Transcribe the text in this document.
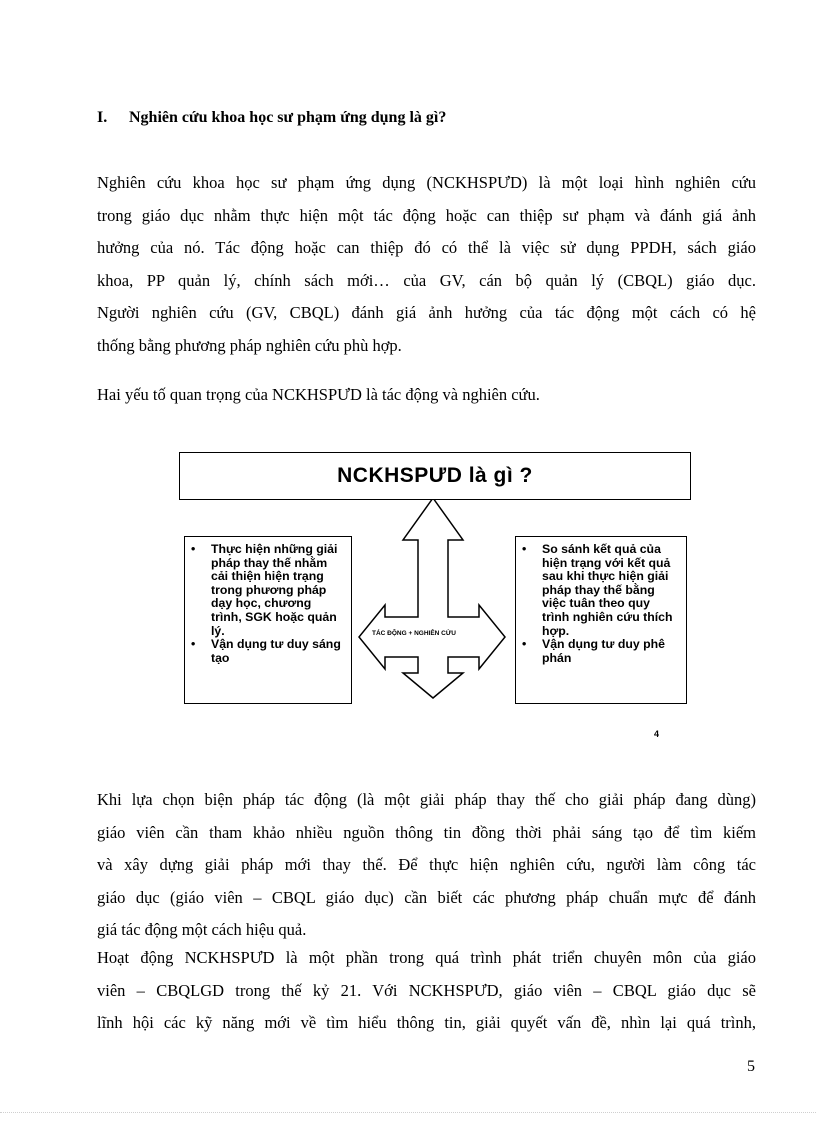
I. Nghiên cứu khoa học sư phạm ứng dụng là gì?

Nghiên cứu khoa học sư phạm ứng dụng (NCKHSPƯD) là một loại hình nghiên cứu
trong giáo dục nhằm thực hiện một tác động hoặc can thiệp sư phạm và đánh giá ảnh
hưởng của nó. Tác động hoặc can thiệp đó có thể là việc sử dụng PPDH, sách giáo
khoa, PP quản lý, chính sách mới… của GV, cán bộ quản lý (CBQL) giáo dục.
Người nghiên cứu (GV, CBQL) đánh giá ảnh hưởng của tác động một cách có hệ
thống bằng phương pháp nghiên cứu phù hợp.

Hai yếu tố quan trọng của NCKHSPƯD là tác động và nghiên cứu.

NCKHSPƯD là gì ?
• Thực hiện những giải pháp thay thế nhằm cải thiện hiện trạng trong phương pháp dạy học, chương trình, SGK hoặc quản lý.
• Vận dụng tư duy sáng tạo
• So sánh kết quả của hiện trạng với kết quả sau khi thực hiện giải pháp thay thế bằng việc tuân theo quy trình nghiên cứu thích hợp.
• Vận dụng tư duy phê phán
TÁC ĐỘNG + NGHIÊN CỨU
4

Khi lựa chọn biện pháp tác động (là một giải pháp thay thế cho giải pháp đang dùng)
giáo viên cần tham khảo nhiều nguồn thông tin đồng thời phải sáng tạo để tìm kiếm
và xây dựng giải pháp mới thay thế. Để thực hiện nghiên cứu, người làm công tác
giáo dục (giáo viên – CBQL giáo dục) cần biết các phương pháp chuẩn mực để đánh
giá tác động một cách hiệu quả.

Hoạt động NCKHSPƯD là một phần trong quá trình phát triển chuyên môn của giáo
viên – CBQLGD trong thế kỷ 21. Với NCKHSPƯD, giáo viên – CBQL giáo dục sẽ
lĩnh hội các kỹ năng mới về tìm hiểu thông tin, giải quyết vấn đề, nhìn lại quá trình,

5
